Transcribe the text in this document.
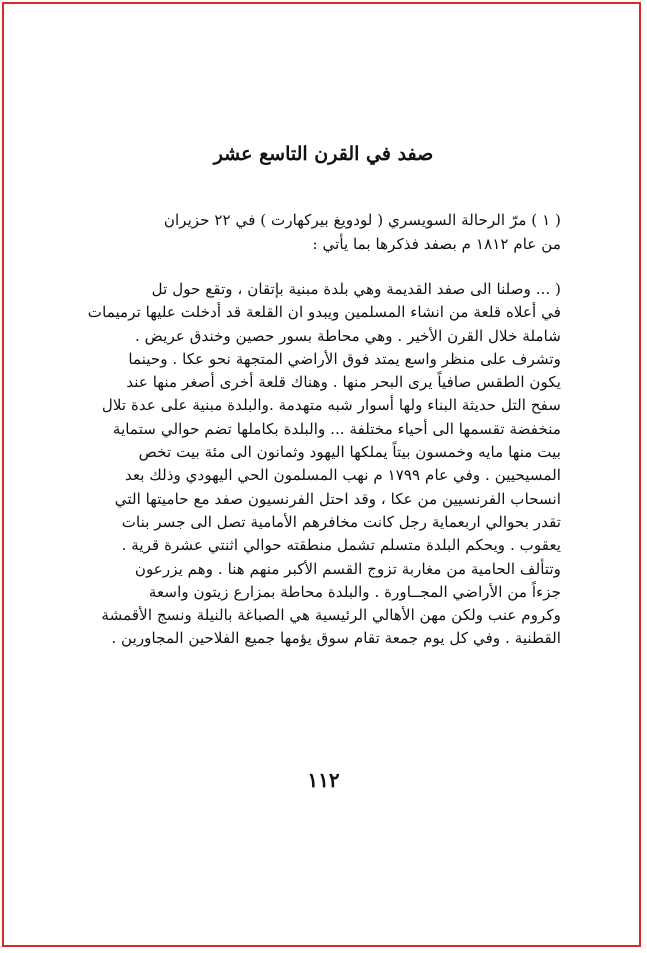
صفد في القرن التاسع عشر
( ١ ) مرّ الرحالة السويسري ( لودويغ بيركهارت ) في ٢٢ حزيران
من عام ١٨١٢ م بصفد فذكرها بما يأتي :
( ... وصلنا الى صفد القديمة وهي بلدة مبنية بإتقان ، وتقع حول تل
في أعلاه قلعة من انشاء المسلمين ويبدو ان القلعة قد أدخلت عليها ترميمات
شاملة خلال القرن الأخير . وهي محاطة بسور حصين وخندق عريض .
وتشرف على منظر واسع يمتد فوق الأراضي المتجهة نحو عكا . وحينما
يكون الطقس صافياً يرى البحر منها . وهناك قلعة أخرى أصغر منها عند
سفح التل حديثة البناء ولها أسوار شبه متهدمة .والبلدة مبنية على عدة تلال
منخفضة تقسمها الى أحياء مختلفة ... والبلدة بكاملها تضم حوالي ستماية
بيت منها مايه وخمسون بيتاً يملكها اليهود وثمانون الى مئة بيت تخص
المسيحيين . وفي عام ١٧٩٩ م نهب المسلمون الحي اليهودي وذلك بعد
انسحاب الفرنسيين من عكا ، وقد احتل الفرنسيون صفد مع حاميتها التي
تقدر بحوالي اربعماية رجل كانت مخافرهم الأمامية تصل الى جسر بنات
يعقوب . ويحكم البلدة متسلم تشمل منطقته حوالي اثنتي عشرة قرية .
وتتألف الحامية من مغاربة تزوج القسم الأكبر منهم هنا . وهم يزرعون
جزءاً من الأراضي المجــاورة . والبلدة محاطة بمزارع زيتون واسعة
وكروم عنب ولكن مهن الأهالي الرئيسية هي الصباغة بالنيلة ونسج الأقمشة
القطنية . وفي كل يوم جمعة تقام سوق يؤمها جميع الفلاحين المجاورين .
١١٢
